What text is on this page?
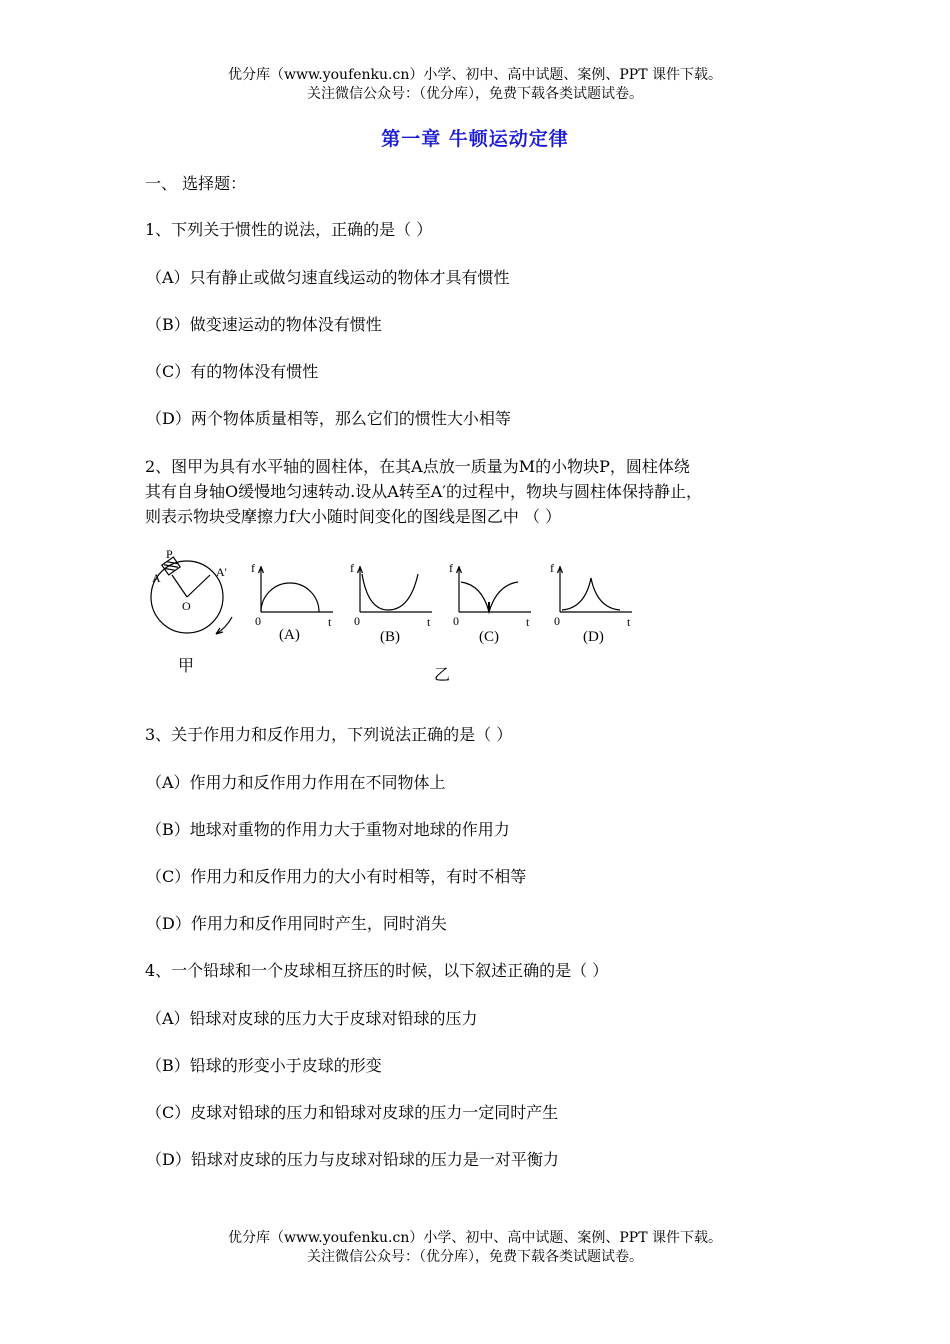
优分库（www.youfenku.cn）小学、初中、高中试题、案例、PPT 课件下载。
关注微信公众号：（优分库），免费下载各类试题试卷。
第一章 牛顿运动定律
一、 选择题：
1、下列关于惯性的说法，正确的是（ ）
（A）只有静止或做匀速直线运动的物体才具有惯性
（B）做变速运动的物体没有惯性
（C）有的物体没有惯性
（D）两个物体质量相等，那么它们的惯性大小相等
2、图甲为具有水平轴的圆柱体，在其A点放一质量为M的小物块P，圆柱体绕
其有自身轴O缓慢地匀速转动.设从A转至A′的过程中，物块与圆柱体保持静止，
则表示物块受摩擦力f大小随时间变化的图线是图乙中 （ ）
P
A	A'
O
f
0	t
(A)
f
0	t
(B)
f
0	t
(C)
f
0	t
(D)
甲
乙
3、关于作用力和反作用力，下列说法正确的是（ ）
（A）作用力和反作用力作用在不同物体上
（B）地球对重物的作用力大于重物对地球的作用力
（C）作用力和反作用力的大小有时相等，有时不相等
（D）作用力和反作用同时产生，同时消失
4、一个铅球和一个皮球相互挤压的时候，以下叙述正确的是（ ）
（A）铅球对皮球的压力大于皮球对铅球的压力
（B）铅球的形变小于皮球的形变
（C）皮球对铅球的压力和铅球对皮球的压力一定同时产生
（D）铅球对皮球的压力与皮球对铅球的压力是一对平衡力
优分库（www.youfenku.cn）小学、初中、高中试题、案例、PPT 课件下载。
关注微信公众号：（优分库），免费下载各类试题试卷。
